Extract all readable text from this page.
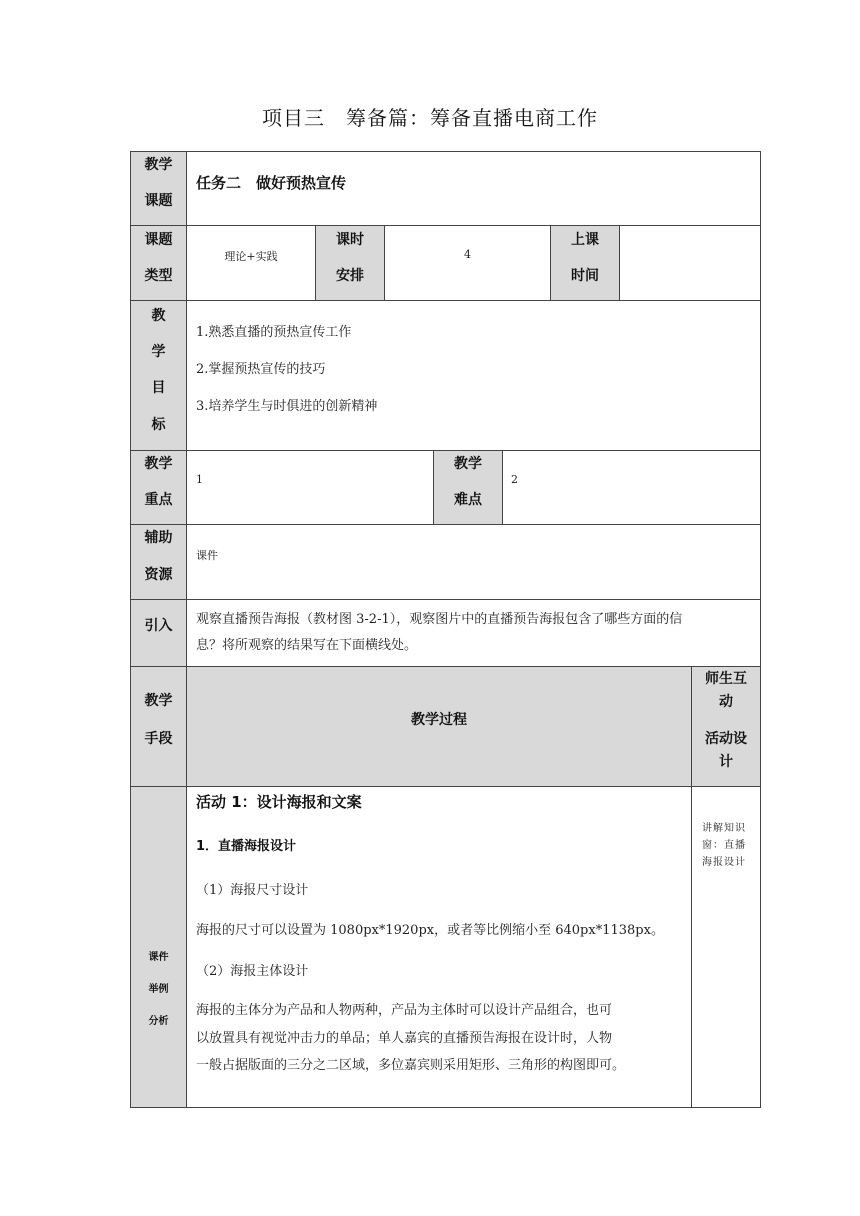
项目三　筹备篇：筹备直播电商工作
教学
课题
任务二　做好预热宣传
课题
类型
理论+实践
课时
安排
4
上课
时间
教
学
目
标
1.熟悉直播的预热宣传工作
2.掌握预热宣传的技巧
3.培养学生与时俱进的创新精神
教学
重点
1
教学
难点
2
辅助
资源
课件
引入	观察直播预告海报（教材图 3-2-1），观察图片中的直播预告海报包含了哪些方面的信
息？将所观察的结果写在下面横线处。
教学
手段
教学过程
师生互
动
活动设
计
课件
举例
分析
活动 1：设计海报和文案
1．直播海报设计
（1）海报尺寸设计
海报的尺寸可以设置为 1080px*1920px，或者等比例缩小至 640px*1138px。
（2）海报主体设计
海报的主体分为产品和人物两种，产品为主体时可以设计产品组合，也可
以放置具有视觉冲击力的单品；单人嘉宾的直播预告海报在设计时，人物
一般占据版面的三分之二区域，多位嘉宾则采用矩形、三角形的构图即可。
讲解知识
窗：直播
海报设计
